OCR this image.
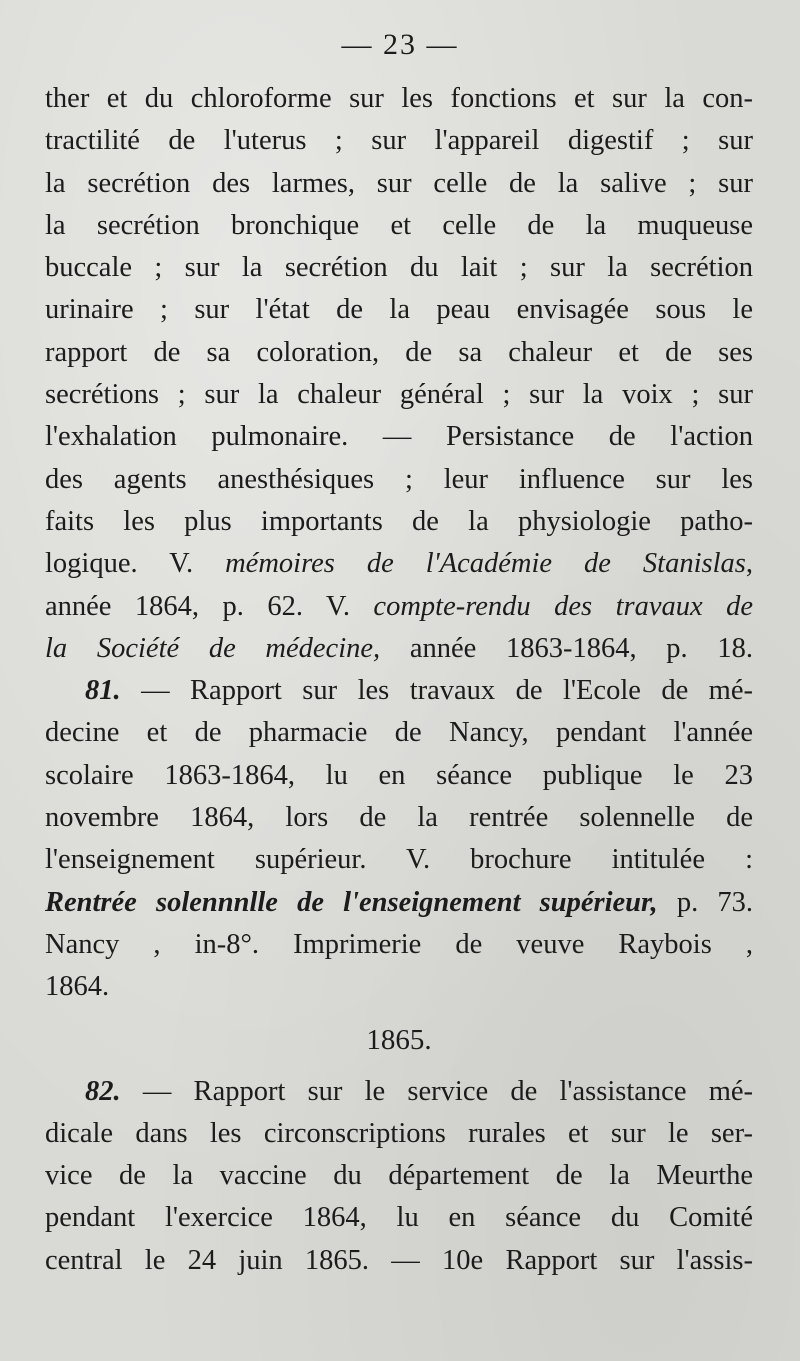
— 23 —
ther et du chloroforme sur les fonctions et sur la con-
tractilité de l'uterus ; sur l'appareil digestif ; sur
la secrétion des larmes, sur celle de la salive ; sur
la secrétion bronchique et celle de la muqueuse
buccale ; sur la secrétion du lait ; sur la secrétion
urinaire ; sur l'état de la peau envisagée sous le
rapport de sa coloration, de sa chaleur et de ses
secrétions ; sur la chaleur général ; sur la voix ; sur
l'exhalation pulmonaire. — Persistance de l'action
des agents anesthésiques ; leur influence sur les
faits les plus importants de la physiologie patho-
logique. V. mémoires de l'Académie de Stanislas,
année 1864, p. 62. V. compte-rendu des travaux de
la Société de médecine, année 1863-1864, p. 18.
81. — Rapport sur les travaux de l'Ecole de mé-
decine et de pharmacie de Nancy, pendant l'année
scolaire 1863-1864, lu en séance publique le 23
novembre 1864, lors de la rentrée solennelle de
l'enseignement supérieur. V. brochure intitulée :
Rentrée solennnlle de l'enseignement supérieur, p. 73.
Nancy , in-8°. Imprimerie de veuve Raybois ,
1864.
1865.
82. — Rapport sur le service de l'assistance mé-
dicale dans les circonscriptions rurales et sur le ser-
vice de la vaccine du département de la Meurthe
pendant l'exercice 1864, lu en séance du Comité
central le 24 juin 1865. — 10e Rapport sur l'assis-
